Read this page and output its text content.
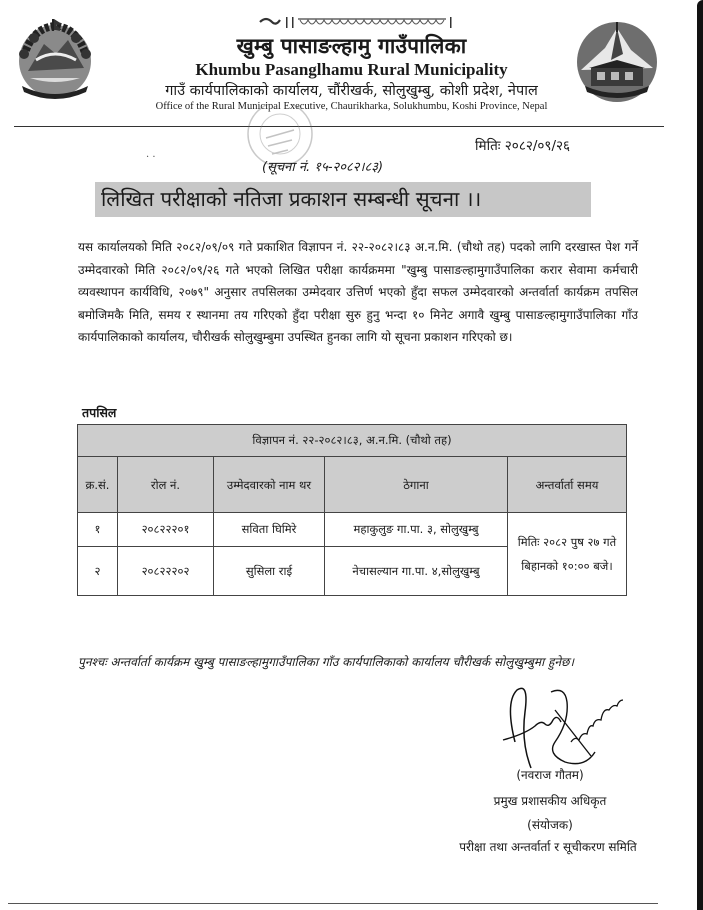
खुम्बु पासाङल्हामु गाउँपालिका
Khumbu Pasanglhamu Rural Municipality
गाउँ कार्यपालिकाको कार्यालय, चौंरीखर्क, सोलुखुम्बु, कोशी प्रदेश, नेपाल
Office of the Rural Municipal Executive, Chaurikharka, Solukhumbu, Koshi Province, Nepal
मितिः २०८२/०९/२६
· ·
(सूचना नं. १५-२०८२।८३)
लिखित परीक्षाको नतिजा प्रकाशन सम्बन्धी सूचना ।।
यस कार्यालयको मिति २०८२/०९/०९ गते प्रकाशित विज्ञापन नं. २२-२०८२।८३ अ.न.मि. (चौथो तह) पदको लागि दरखास्त पेश गर्ने उम्मेदवारको मिति २०८२/०९/२६ गते भएको लिखित परीक्षा कार्यक्रममा "खुम्बु पासाङल्हामुगाउँपालिका करार सेवामा कर्मचारी व्यवस्थापन कार्यविधि, २०७९" अनुसार तपसिलका उम्मेदवार उत्तिर्ण भएको हुँदा सफल उम्मेदवारको अन्तर्वार्ता कार्यक्रम तपसिल बमोजिमकै मिति, समय र स्थानमा तय गरिएको हुँदा परीक्षा सुरु हुनु भन्दा १० मिनेट अगावै खुम्बु पासाङल्हामुगाउँपालिका गाँउ कार्यपालिकाको कार्यालय, चौरीखर्क सोलुखुम्बुमा उपस्थित हुनका लागि यो सूचना प्रकाशन गरिएको छ।
तपसिल
विज्ञापन नं. २२-२०८२।८३, अ.न.मि. (चौथो तह)				
क्र.सं.	रोल नं.	उम्मेदवारको नाम थर	ठेगाना	अन्तर्वार्ता समय
१	२०८२२२०१	सविता घिमिरे	महाकुलुङ गा.पा. ३, सोलुखुम्बु	मितिः २०८२ पुष २७ गते बिहानको १०:०० बजे।
२	२०८२२२०२	सुसिला राई	नेचासल्यान गा.पा. ४,सोलुखुम्बु	
पुनश्चः अन्तर्वार्ता कार्यक्रम खुम्बु पासाङल्हामुगाउँपालिका गाँउ कार्यपालिकाको कार्यालय चौरीखर्क सोलुखुम्बुमा हुनेछ।
(नवराज गौतम)
प्रमुख प्रशासकीय अधिकृत
(संयोजक)
परीक्षा तथा अन्तर्वार्ता र सूचीकरण समिति
